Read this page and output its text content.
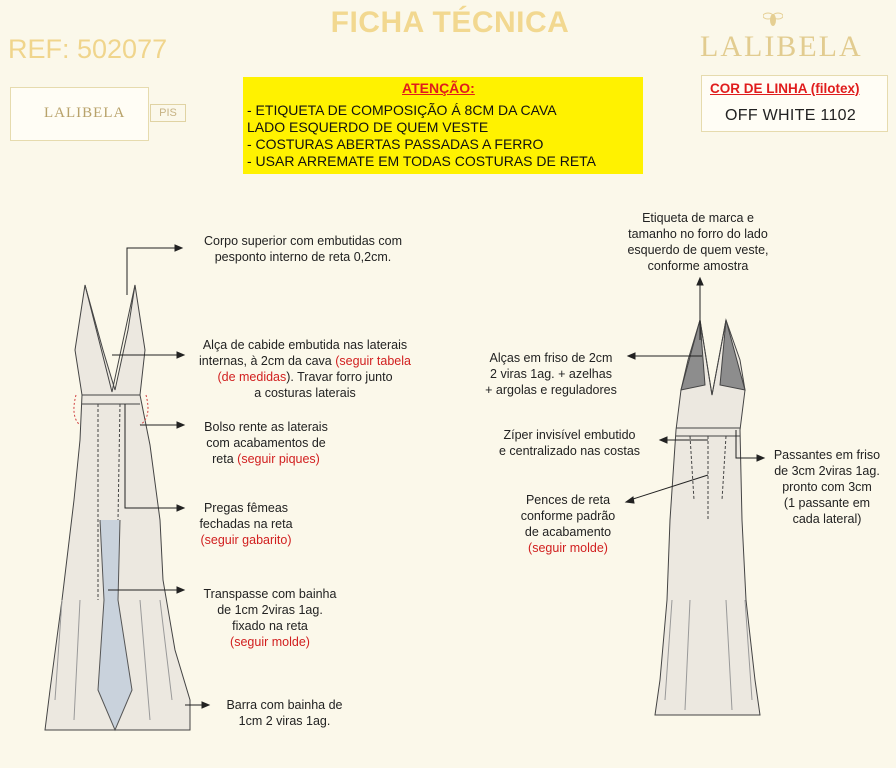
FICHA TÉCNICA
REF: 502077	LALIBELA
LALIBELA	PIS
ATENÇÃO:
- ETIQUETA DE COMPOSIÇÃO Á 8CM DA CAVA
LADO ESQUERDO DE QUEM VESTE
- COSTURAS ABERTAS PASSADAS A FERRO
- USAR ARREMATE EM TODAS COSTURAS DE RETA
COR DE LINHA (filotex)
OFF WHITE 1102
Corpo superior com embutidas com
pesponto interno de reta 0,2cm.
Alça de cabide embutida nas laterais
internas, à 2cm da cava (seguir tabela
(de medidas). Travar forro junto
a costuras laterais
Bolso rente as laterais
com acabamentos de
reta (seguir piques)
Pregas fêmeas
fechadas na reta
(seguir gabarito)
Transpasse com bainha
de 1cm 2viras 1ag.
fixado na reta
(seguir molde)
Barra com bainha de
1cm 2 viras 1ag.
Etiqueta de marca e
tamanho no forro do lado
esquerdo de quem veste,
conforme amostra
Alças em friso de 2cm
2 viras 1ag. + azelhas
+ argolas e reguladores
Zíper invisível embutido
e centralizado nas costas	Passantes em friso
de 3cm 2viras 1ag.
pronto com 3cm
(1 passante em
cada lateral)
Pences de reta
conforme padrão
de acabamento
(seguir molde)
